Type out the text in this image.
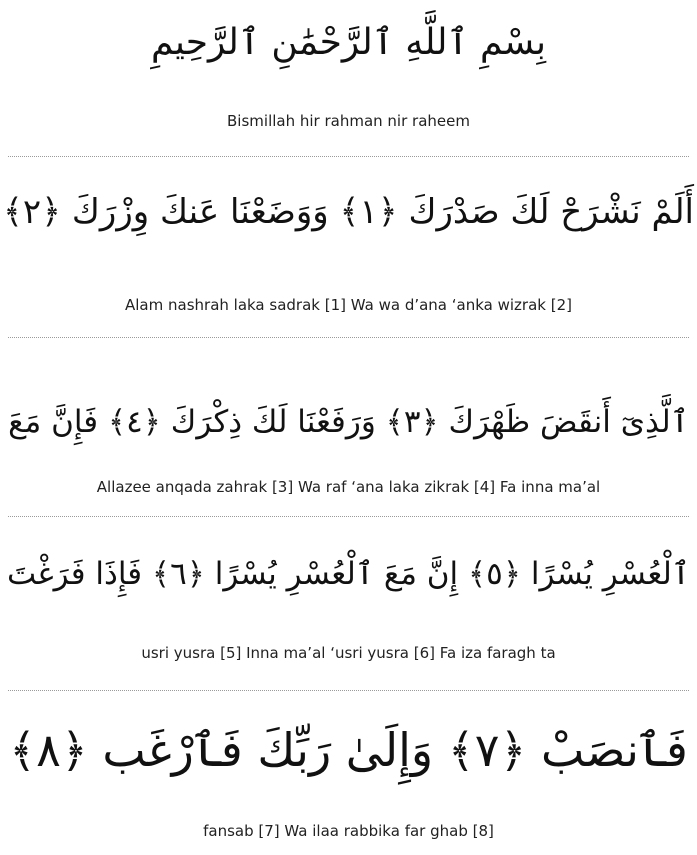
بِسْمِ ٱللَّهِ ٱلرَّحْمَٰنِ ٱلرَّحِيمِ
Bismillah hir rahman nir raheem
أَلَمْ نَشْرَحْ لَكَ صَدْرَكَ ﴿١﴾ وَوَضَعْنَا عَنكَ وِزْرَكَ ﴿٢﴾
Alam nashrah laka sadrak [1] Wa wa d’ana ‘anka wizrak [2]
ٱلَّذِىٓ أَنقَضَ ظَهْرَكَ ﴿٣﴾ وَرَفَعْنَا لَكَ ذِكْرَكَ ﴿٤﴾ فَإِنَّ مَعَ
Allazee anqada zahrak [3] Wa raf ‘ana laka zikrak [4] Fa inna ma’al
ٱلْعُسْرِ يُسْرًا ﴿٥﴾ إِنَّ مَعَ ٱلْعُسْرِ يُسْرًا ﴿٦﴾ فَإِذَا فَرَغْتَ
usri yusra [5] Inna ma’al ‘usri yusra [6] Fa iza faragh ta
فَٱنصَبْ ﴿٧﴾ وَإِلَىٰ رَبِّكَ فَٱرْغَب ﴿٨﴾
fansab [7] Wa ilaa rabbika far ghab [8]
